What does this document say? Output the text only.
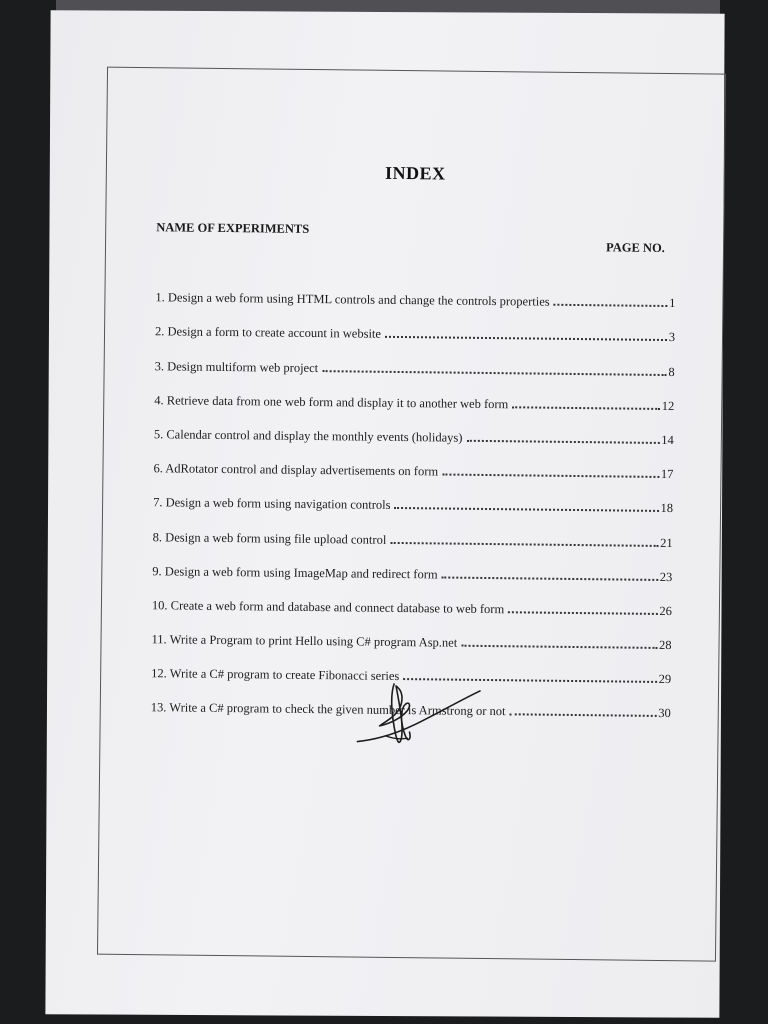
INDEX
NAME OF EXPERIMENTS
PAGE NO.
1. Design a web form using HTML controls and change the controls properties	1
2. Design a form to create account in website	3
3. Design multiform web project	8
4. Retrieve data from one web form and display it to another web form	12
5. Calendar control and display the monthly events (holidays)	14
6. AdRotator control and display advertisements on form	17
7. Design a web form using navigation controls	18
8. Design a web form using file upload control	21
9. Design a web form using ImageMap and redirect form	23
10. Create a web form and database and connect database to web form	26
11. Write a Program to print Hello using C# program Asp.net	28
12. Write a C# program to create Fibonacci series	29
13. Write a C# program to check the given number is Armstrong or not	30
